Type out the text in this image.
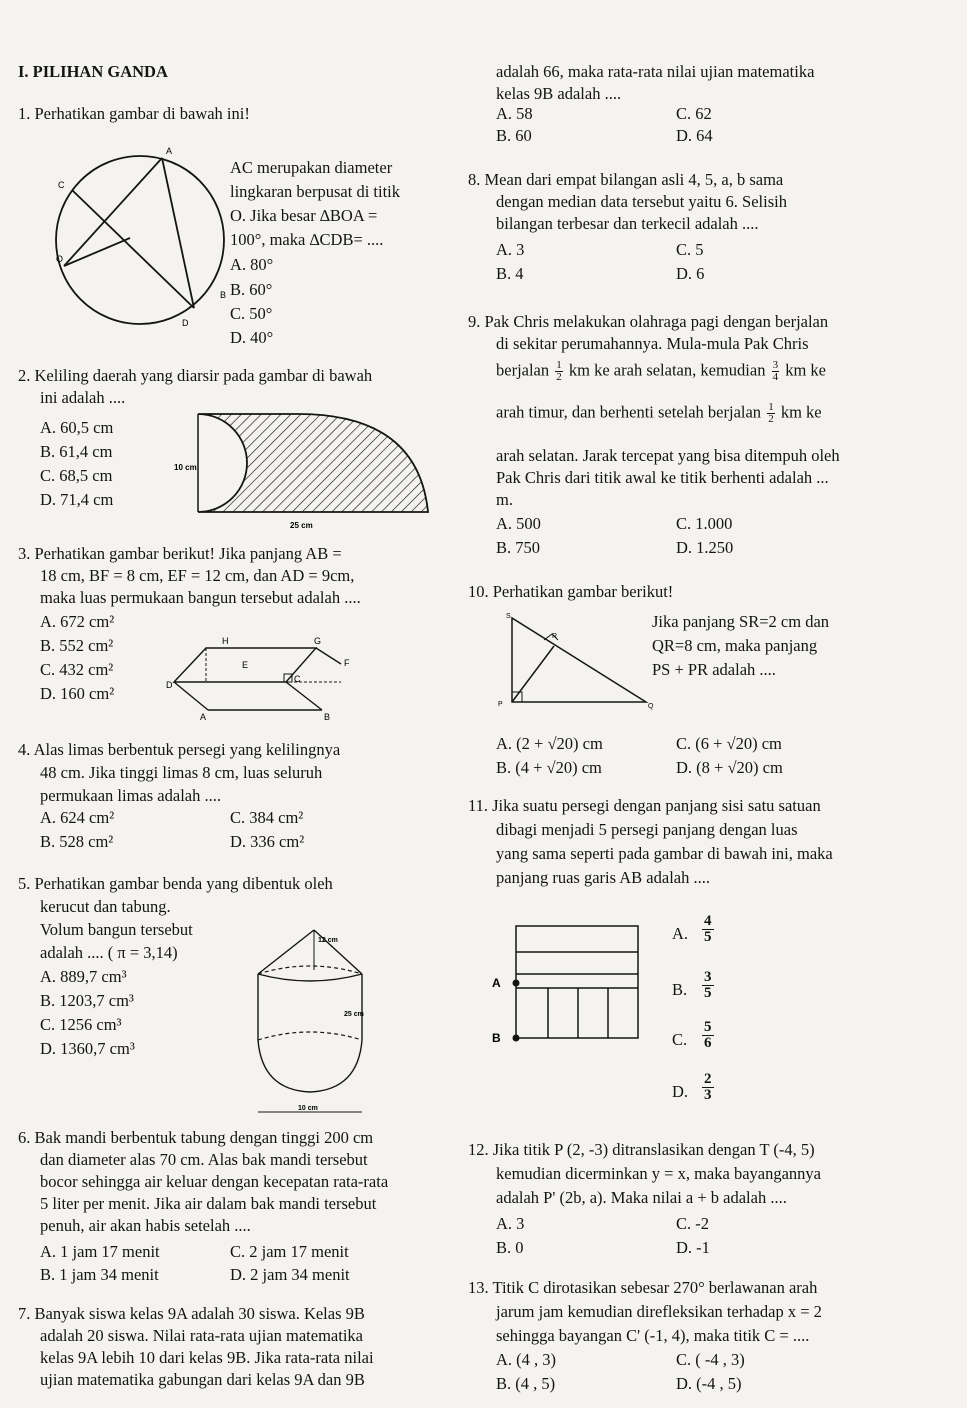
I. PILIHAN GANDA
1. Perhatikan gambar di bawah ini!
A
C
O
B
D
AC merupakan diameter
lingkaran berpusat di titik
O. Jika besar ∆BOA =
100°, maka ∆CDB= ....
A. 80°
B. 60°
C. 50°
D. 40°
2. Keliling daerah yang diarsir pada gambar di bawah
ini adalah ....
A. 60,5 cm
B. 61,4 cm
C. 68,5 cm
D. 71,4 cm
10 cm
25 cm
3. Perhatikan gambar berikut! Jika panjang AB =
18 cm, BF = 8 cm, EF = 12 cm, dan AD = 9cm,
maka luas permukaan bangun tersebut adalah ....
A. 672 cm²
B. 552 cm²
C. 432 cm²
D. 160 cm²
H	G
E	F
D
C
A	B
4. Alas limas berbentuk persegi yang kelilingnya
48 cm. Jika tinggi limas 8 cm, luas seluruh
permukaan limas adalah ....
A. 624 cm²	C. 384 cm²
B. 528 cm²	D. 336 cm²
5. Perhatikan gambar benda yang dibentuk oleh
kerucut dan tabung.
Volum bangun tersebut
adalah .... ( π = 3,14)
A. 889,7 cm³
B. 1203,7 cm³
C. 1256 cm³
D. 1360,7 cm³
12 cm
25 cm
10 cm
6. Bak mandi berbentuk tabung dengan tinggi 200 cm
dan diameter alas 70 cm. Alas bak mandi tersebut
bocor sehingga air keluar dengan kecepatan rata-rata
5 liter per menit. Jika air dalam bak mandi tersebut
penuh, air akan habis setelah ....
A. 1 jam 17 menit	C. 2 jam 17 menit
B. 1 jam 34 menit	D. 2 jam 34 menit
7. Banyak siswa kelas 9A adalah 30 siswa. Kelas 9B
adalah 20 siswa. Nilai rata-rata ujian matematika
kelas 9A lebih 10 dari kelas 9B. Jika rata-rata nilai
ujian matematika gabungan dari kelas 9A dan 9B
adalah 66, maka rata-rata nilai ujian matematika
kelas 9B adalah ....
A. 58	C. 62
B. 60	D. 64
8. Mean dari empat bilangan asli 4, 5, a, b sama
dengan median data tersebut yaitu 6. Selisih
bilangan terbesar dan terkecil adalah ....
A. 3	C. 5
B. 4	D. 6
9. Pak Chris melakukan olahraga pagi dengan berjalan
di sekitar perumahannya. Mula-mula Pak Chris
berjalan $\frac{1}{2}$ km ke arah selatan, kemudian $\frac{3}{4}$ km ke
arah timur, dan berhenti setelah berjalan $\frac{1}{2}$ km ke
arah selatan. Jarak tercepat yang bisa ditempuh oleh
Pak Chris dari titik awal ke titik berhenti adalah ...
m.
A. 500	C. 1.000
B. 750	D. 1.250
10. Perhatikan gambar berikut!
S
R
P	Q
Jika panjang SR=2 cm dan
QR=8 cm, maka panjang
PS + PR adalah ....
A. (2 + √20) cm	C. (6 + √20) cm
B. (4 + √20) cm	D. (8 + √20) cm
11. Jika suatu persegi dengan panjang sisi satu satuan
dibagi menjadi 5 persegi panjang dengan luas
yang sama seperti pada gambar di bawah ini, maka
panjang ruas garis AB adalah ....
A
B
A.
4
5
B.
3
5
C.
5
6
D.
2
3
12. Jika titik P (2, -3) ditranslasikan dengan T (-4, 5)
kemudian dicerminkan y = x, maka bayangannya
adalah P' (2b, a). Maka nilai a + b adalah ....
A. 3	C. -2
B. 0	D. -1
13. Titik C dirotasikan sebesar 270° berlawanan arah
jarum jam kemudian direfleksikan terhadap x = 2
sehingga bayangan C' (-1, 4), maka titik C = ....
A. (4 , 3)	C. ( -4 , 3)
B. (4 , 5)	D. (-4 , 5)
